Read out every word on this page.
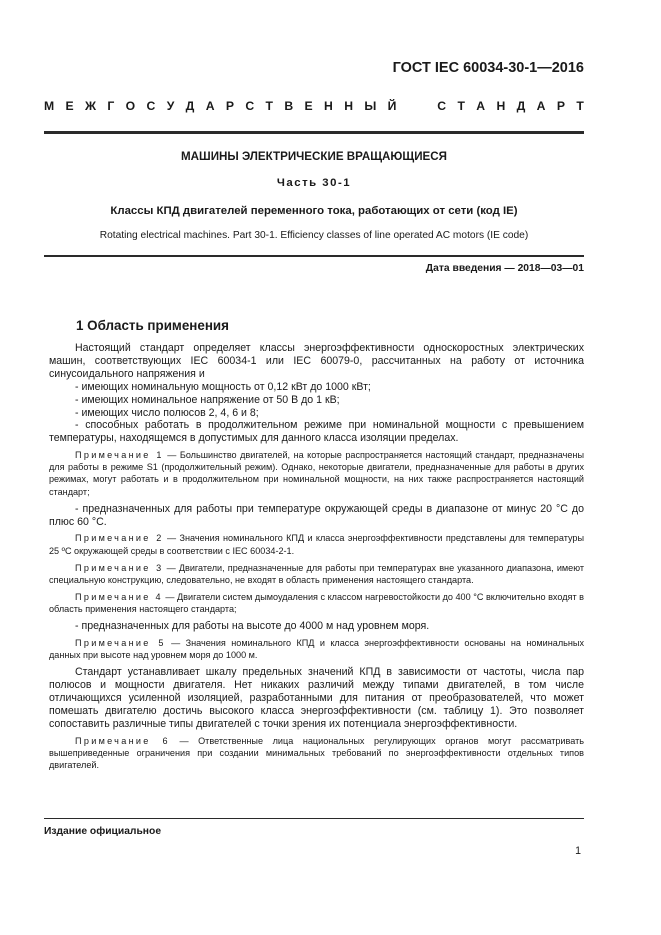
ГОСТ IEC 60034-30-1—2016
М Е Ж Г О С У Д А Р С Т В Е Н Н Ы Й

	С Т А Н Д А Р Т
МАШИНЫ ЭЛЕКТРИЧЕСКИЕ ВРАЩАЮЩИЕСЯ
Часть 30-1
Классы КПД двигателей переменного тока, работающих от сети (код IE)
Rotating electrical machines. Part 30-1. Efficiency classes of line operated AC motors (IE code)
Дата введения — 2018—03—01
1 Область применения

Настоящий стандарт определяет классы энергоэффективности односкоростных электрических машин, соответствующих IEC 60034-1 или IEC 60079-0, рассчитанных на работу от источника синусоидального напряжения и

- имеющих номинальную мощность от 0,12 кВт до 1000 кВт;

- имеющих номинальное напряжение от 50 В до 1 кВ;

- имеющих число полюсов 2, 4, 6 и 8;

- способных работать в продолжительном режиме при номинальной мощности с превышением температуры, находящемся в допустимых для данного класса изоляции пределах.

Примечание 1 — Большинство двигателей, на которые распространяется настоящий стандарт, предназначены для работы в режиме S1 (продолжительный режим). Однако, некоторые двигатели, предназначенные для работы в других режимах, могут работать и в продолжительном при номинальной мощности, на них также распространяется настоящий стандарт;

- предназначенных для работы при температуре окружающей среды в диапазоне от минус 20 °C до плюс 60 °C.

Примечание 2 — Значения номинального КПД и класса энергоэффективности представлены для температуры 25 ºС окружающей среды в соответствии с IEC 60034-2-1.

Примечание 3 — Двигатели, предназначенные для работы при температурах вне указанного диапазона, имеют специальную конструкцию, следовательно, не входят в область применения настоящего стандарта.

Примечание 4 — Двигатели систем дымоудаления с классом нагревостойкости до 400 °С включительно входят в область применения настоящего стандарта;

- предназначенных для работы на высоте до 4000 м над уровнем моря.

Примечание 5 — Значения номинального КПД и класса энергоэффективности основаны на номинальных данных при высоте над уровнем моря до 1000 м.

Стандарт устанавливает шкалу предельных значений КПД в зависимости от частоты, числа пар полюсов и мощности двигателя. Нет никаких различий между типами двигателей, в том числе отличающихся усиленной изоляцией, разработанными для питания от преобразователей, что может помешать двигателю достичь высокого класса энергоэффективности (см. таблицу 1). Это позволяет сопоставить различные типы двигателей с точки зрения их потенциала энергоэффективности.

Примечание 6 — Ответственные лица национальных регулирующих органов могут рассматривать вышеприведенные ограничения при создании минимальных требований по энергоэффективности отдельных типов двигателей.

Издание официальное
1
